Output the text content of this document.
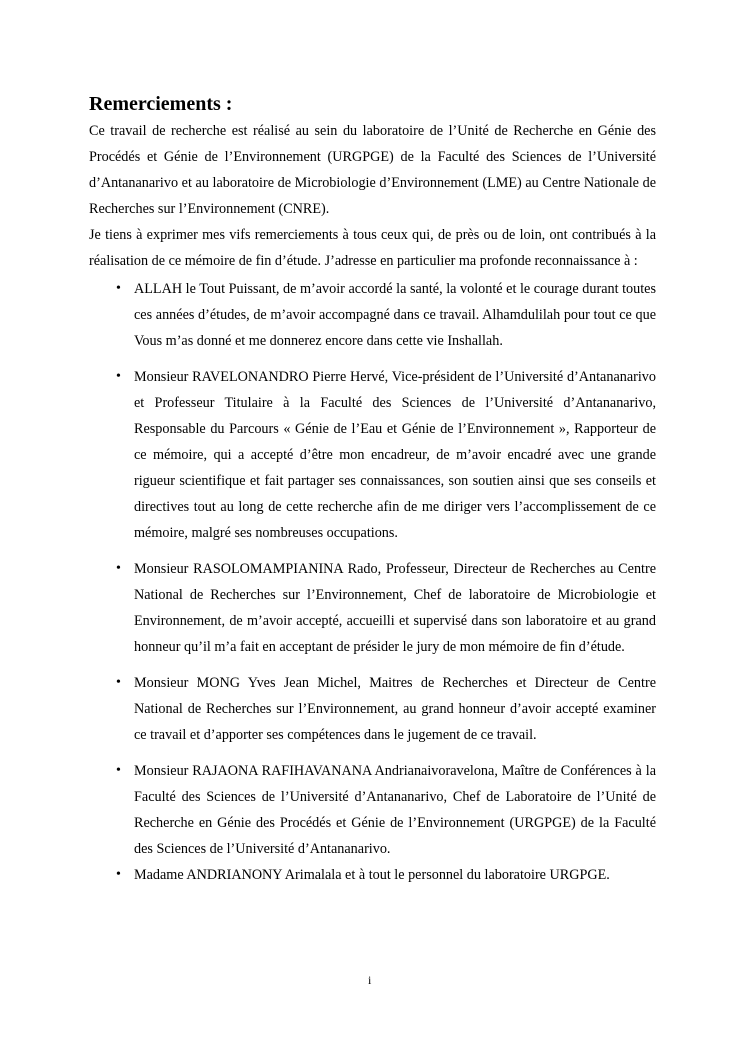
Remerciements :

Ce travail de recherche est réalisé au sein du laboratoire de l’Unité de Recherche en Génie des Procédés et Génie de l’Environnement (URGPGE) de la Faculté des Sciences de l’Université d’Antananarivo et au laboratoire de Microbiologie d’Environnement (LME) au Centre Nationale de Recherches sur l’Environnement (CNRE).

Je tiens à exprimer mes vifs remerciements à tous ceux qui, de près ou de loin, ont contribués à la réalisation de ce mémoire de fin d’étude. J’adresse en particulier ma profonde reconnaissance à :

• ALLAH le Tout Puissant, de m’avoir accordé la santé, la volonté et le courage durant toutes ces années d’études, de m’avoir accompagné dans ce travail. Alhamdulilah pour tout ce que Vous m’as donné et me donnerez encore dans cette vie Inshallah.
• Monsieur RAVELONANDRO Pierre Hervé, Vice-président de l’Université d’Antananarivo et Professeur Titulaire à la Faculté des Sciences de l’Université d’Antananarivo, Responsable du Parcours « Génie de l’Eau et Génie de l’Environnement », Rapporteur de ce mémoire, qui a accepté d’être mon encadreur, de m’avoir encadré avec une grande rigueur scientifique et fait partager ses connaissances, son soutien ainsi que ses conseils et directives tout au long de cette recherche afin de me diriger vers l’accomplissement de ce mémoire, malgré ses nombreuses occupations.
• Monsieur RASOLOMAMPIANINA Rado, Professeur, Directeur de Recherches au Centre National de Recherches sur l’Environnement, Chef de laboratoire de Microbiologie et Environnement, de m’avoir accepté, accueilli et supervisé dans son laboratoire et au grand honneur qu’il m’a fait en acceptant de présider le jury de mon mémoire de fin d’étude.
• Monsieur MONG Yves Jean Michel, Maitres de Recherches et Directeur de Centre National de Recherches sur l’Environnement, au grand honneur d’avoir accepté examiner ce travail et d’apporter ses compétences dans le jugement de ce travail.
• Monsieur RAJAONA RAFIHAVANANA Andrianaivoravelona, Maître de Conférences à la Faculté des Sciences de l’Université d’Antananarivo, Chef de Laboratoire de l’Unité de Recherche en Génie des Procédés et Génie de l’Environnement (URGPGE) de la Faculté des Sciences de l’Université d’Antananarivo.
• Madame ANDRIANONY Arimalala et à tout le personnel du laboratoire URGPGE.
i
